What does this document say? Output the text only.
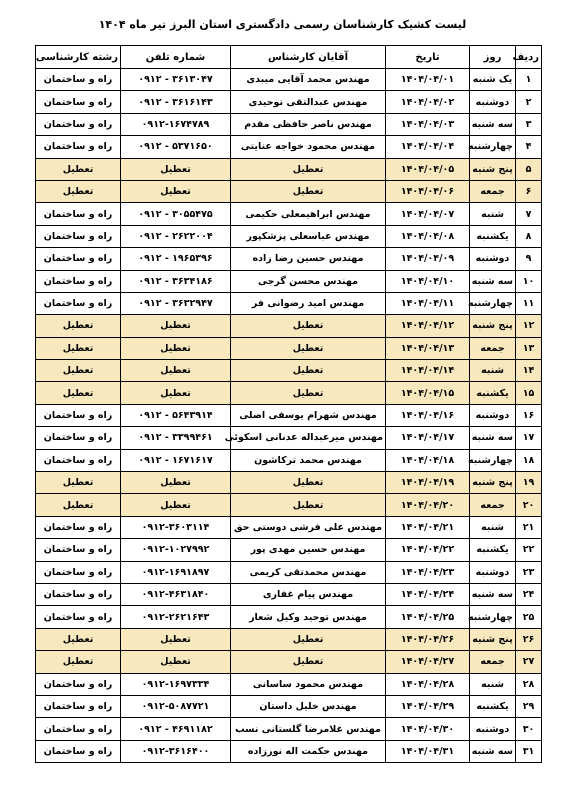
لیست کشیک کارشناسان رسمی دادگستری استان البرز تیر ماه ۱۴۰۴
ردیف	روز	تاریخ	آقایان کارشناس	شماره تلفن	رشته کارشناسی
۱	یک شنبه	۱۴۰۴/۰۴/۰۱	مهندس محمد آقایی میبدی	۰۹۱۲ - ۳۶۱۳۰۴۷	راه و ساختمان
۲	دوشنبه	۱۴۰۴/۰۴/۰۲	مهندس عبدالتقی توحیدی	۰۹۱۲ - ۳۶۱۶۱۴۳	راه و ساختمان
۳	سه شنبه	۱۴۰۴/۰۴/۰۳	مهندس ناصر حافظی مقدم	۰۹۱۲-۱۶۷۴۷۸۹	راه و ساختمان
۴	چهارشنبه	۱۴۰۴/۰۴/۰۴	مهندس محمود خواجه عنایتی	۰۹۱۲ - ۵۳۷۱۶۵۰	راه و ساختمان
۵	پنج شنبه	۱۴۰۴/۰۴/۰۵	تعطیل	تعطیل	تعطیل
۶	جمعه	۱۴۰۴/۰۴/۰۶	تعطیل	تعطیل	تعطیل
۷	شنبه	۱۴۰۴/۰۴/۰۷	مهندس ابراهیمعلی حکیمی	۰۹۱۲ - ۳۰۵۵۴۷۵	راه و ساختمان
۸	یکشنبه	۱۴۰۴/۰۴/۰۸	مهندس عباسعلی پزشکپور	۰۹۱۲ - ۲۶۲۲۰۰۴	راه و ساختمان
۹	دوشنبه	۱۴۰۴/۰۴/۰۹	مهندس حسین رضا زاده	۰۹۱۲ - ۱۹۶۵۳۹۶	راه و ساختمان
۱۰	سه شنبه	۱۴۰۴/۰۴/۱۰	مهندس محسن گرجی	۰۹۱۲ - ۳۶۳۴۱۸۶	راه و ساختمان
۱۱	چهارشنبه	۱۴۰۴/۰۴/۱۱	مهندس امید رضوانی فر	۰۹۱۲ - ۳۶۳۲۹۴۷	راه و ساختمان
۱۲	پنج شنبه	۱۴۰۴/۰۴/۱۲	تعطیل	تعطیل	تعطیل
۱۳	جمعه	۱۴۰۴/۰۴/۱۳	تعطیل	تعطیل	تعطیل
۱۴	شنبه	۱۴۰۴/۰۴/۱۴	تعطیل	تعطیل	تعطیل
۱۵	یکشنبه	۱۴۰۴/۰۴/۱۵	تعطیل	تعطیل	تعطیل
۱۶	دوشنبه	۱۴۰۴/۰۴/۱۶	مهندس شهرام یوسفی اصلی	۰۹۱۲ - ۵۶۴۳۹۱۴	راه و ساختمان
۱۷	سه شنبه	۱۴۰۴/۰۴/۱۷	مهندس میرعبداله عدنانی اسکوئی	۰۹۱۲ - ۳۳۹۹۴۶۱	راه و ساختمان
۱۸	چهارشنبه	۱۴۰۴/۰۴/۱۸	مهندس محمد ترکاشون	۰۹۱۲ - ۱۶۷۱۶۱۷	راه و ساختمان
۱۹	پنج شنبه	۱۴۰۴/۰۴/۱۹	تعطیل	تعطیل	تعطیل
۲۰	جمعه	۱۴۰۴/۰۴/۲۰	تعطیل	تعطیل	تعطیل
۲۱	شنبه	۱۴۰۴/۰۴/۲۱	مهندس علی فرشی دوستی حق	۰۹۱۲-۳۶۰۳۱۱۴	راه و ساختمان
۲۲	یکشنبه	۱۴۰۴/۰۴/۲۲	مهندس حسین مهدی پور	۰۹۱۲-۱۰۲۷۹۹۲	راه و ساختمان
۲۳	دوشنبه	۱۴۰۴/۰۴/۲۳	مهندس محمدتقی کریمی	۰۹۱۲-۱۶۹۱۸۹۷	راه و ساختمان
۲۴	سه شنبه	۱۴۰۴/۰۴/۲۴	مهندس پیام غفاری	۰۹۱۲-۴۶۳۱۸۴۰	راه و ساختمان
۲۵	چهارشنبه	۱۴۰۴/۰۴/۲۵	مهندس توحید وکیل شعار	۰۹۱۲-۲۶۲۱۶۴۳	راه و ساختمان
۲۶	پنج شنبه	۱۴۰۴/۰۴/۲۶	تعطیل	تعطیل	تعطیل
۲۷	جمعه	۱۴۰۴/۰۴/۲۷	تعطیل	تعطیل	تعطیل
۲۸	شنبه	۱۴۰۴/۰۴/۲۸	مهندس محمود ساسانی	۰۹۱۲-۱۶۹۷۳۳۴	راه و ساختمان
۲۹	یکشنبه	۱۴۰۴/۰۴/۲۹	مهندس خلیل داستان	۰۹۱۲-۵۰۸۷۷۲۱	راه و ساختمان
۳۰	دوشنبه	۱۴۰۴/۰۴/۳۰	مهندس غلامرضا گلستانی نسب	۰۹۱۲ - ۴۶۹۱۱۸۲	راه و ساختمان
۳۱	سه شنبه	۱۴۰۴/۰۴/۳۱	مهندس حکمت اله نورزاده	۰۹۱۲-۳۶۱۶۴۰۰	راه و ساختمان
